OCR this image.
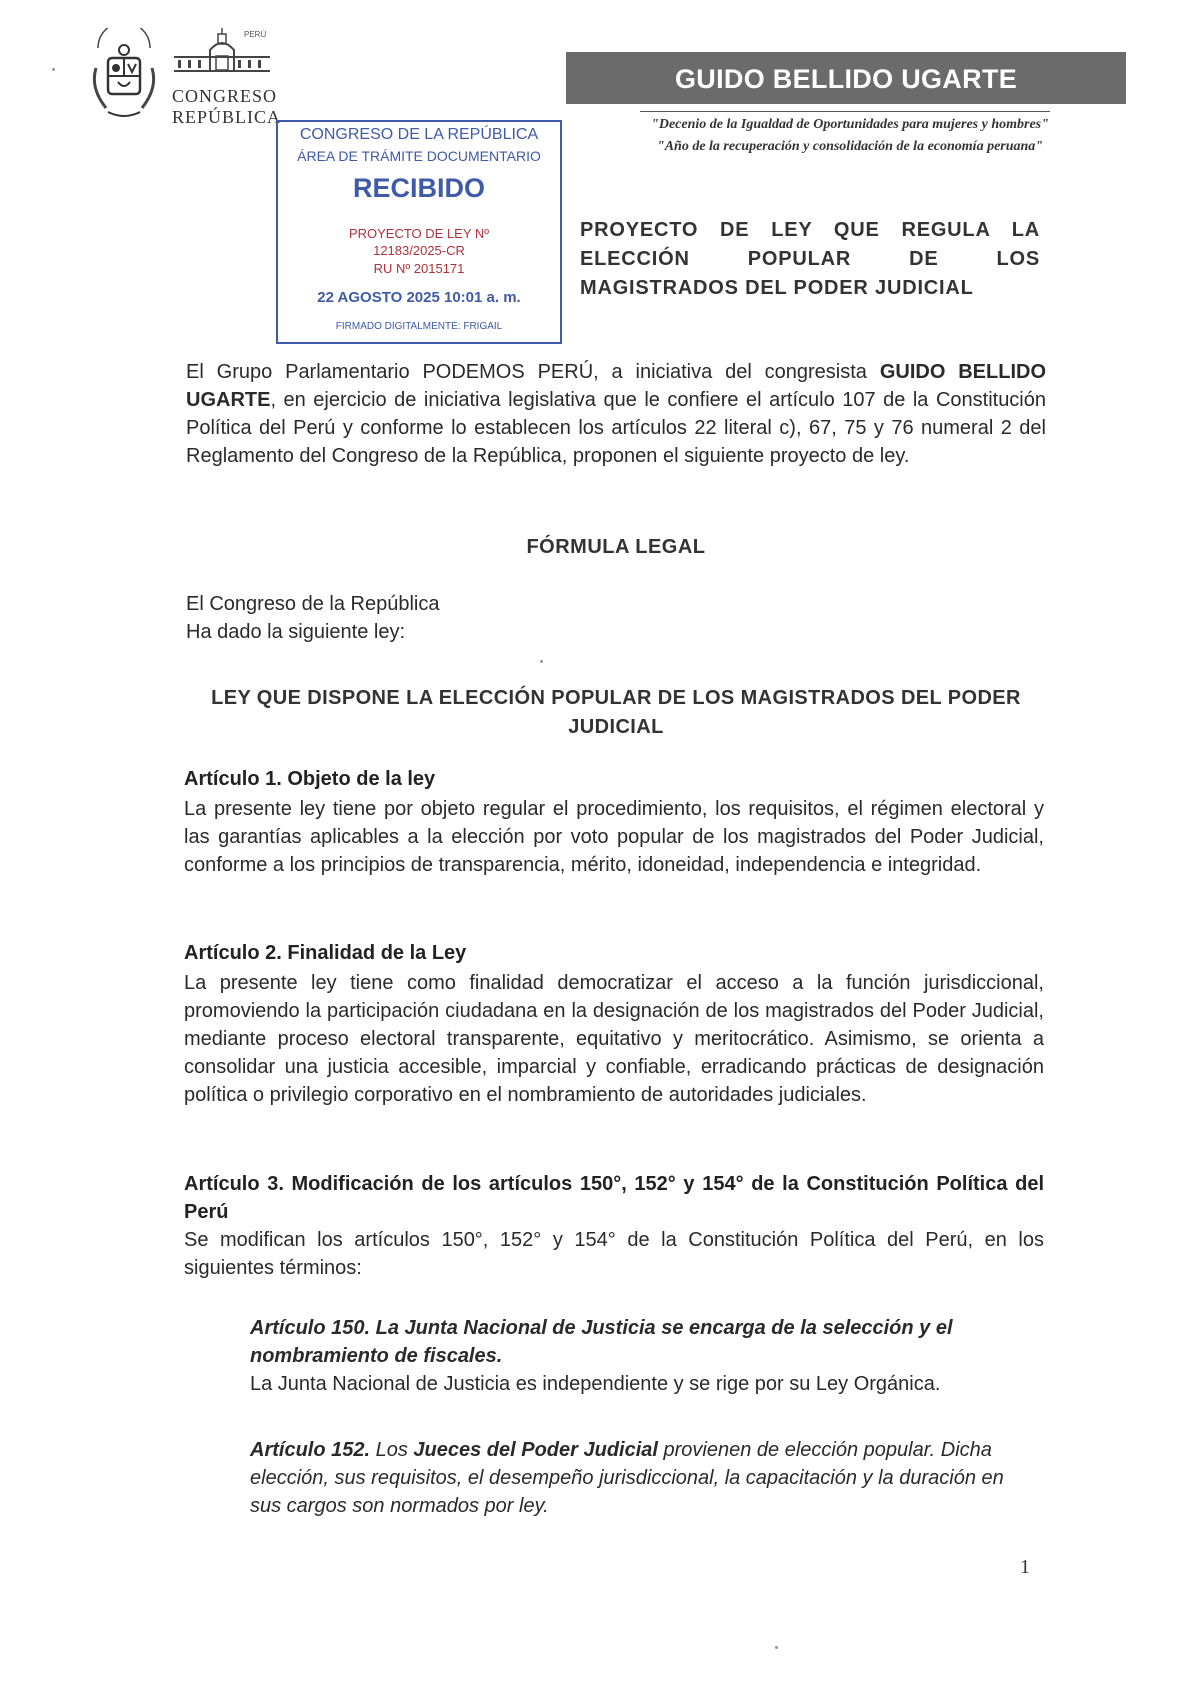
PERÚ
CONGRESO
REPÚBLICA
GUIDO BELLIDO UGARTE
"Decenio de la Igualdad de Oportunidades para mujeres y hombres"
"Año de la recuperación y consolidación de la economía peruana"
CONGRESO DE LA REPÚBLICA
ÁREA DE TRÁMITE DOCUMENTARIO
RECIBIDO
PROYECTO DE LEY Nº
12183/2025-CR
RU Nº 2015171
22 AGOSTO 2025 10:01 a. m.
FIRMADO DIGITALMENTE: FRIGAIL
PROYECTO DE LEY QUE REGULA LA ELECCIÓN POPULAR DE LOS MAGISTRADOS DEL PODER JUDICIAL
El Grupo Parlamentario PODEMOS PERÚ, a iniciativa del congresista GUIDO BELLIDO UGARTE, en ejercicio de iniciativa legislativa que le confiere el artículo 107 de la Constitución Política del Perú y conforme lo establecen los artículos 22 literal c), 67, 75 y 76 numeral 2 del Reglamento del Congreso de la República, proponen el siguiente proyecto de ley.
FÓRMULA LEGAL
El Congreso de la República
Ha dado la siguiente ley:
LEY QUE DISPONE LA ELECCIÓN POPULAR DE LOS MAGISTRADOS DEL PODER JUDICIAL
Artículo 1. Objeto de la ley
La presente ley tiene por objeto regular el procedimiento, los requisitos, el régimen electoral y las garantías aplicables a la elección por voto popular de los magistrados del Poder Judicial, conforme a los principios de transparencia, mérito, idoneidad, independencia e integridad.
Artículo 2. Finalidad de la Ley
La presente ley tiene como finalidad democratizar el acceso a la función jurisdiccional, promoviendo la participación ciudadana en la designación de los magistrados del Poder Judicial, mediante proceso electoral transparente, equitativo y meritocrático. Asimismo, se orienta a consolidar una justicia accesible, imparcial y confiable, erradicando prácticas de designación política o privilegio corporativo en el nombramiento de autoridades judiciales.
Artículo 3. Modificación de los artículos 150°, 152° y 154° de la Constitución Política del Perú
Se modifican los artículos 150°, 152° y 154° de la Constitución Política del Perú, en los siguientes términos:
Artículo 150. La Junta Nacional de Justicia se encarga de la selección y el nombramiento de fiscales.
La Junta Nacional de Justicia es independiente y se rige por su Ley Orgánica.
Artículo 152. Los Jueces del Poder Judicial provienen de elección popular. Dicha elección, sus requisitos, el desempeño jurisdiccional, la capacitación y la duración en sus cargos son normados por ley.
1
